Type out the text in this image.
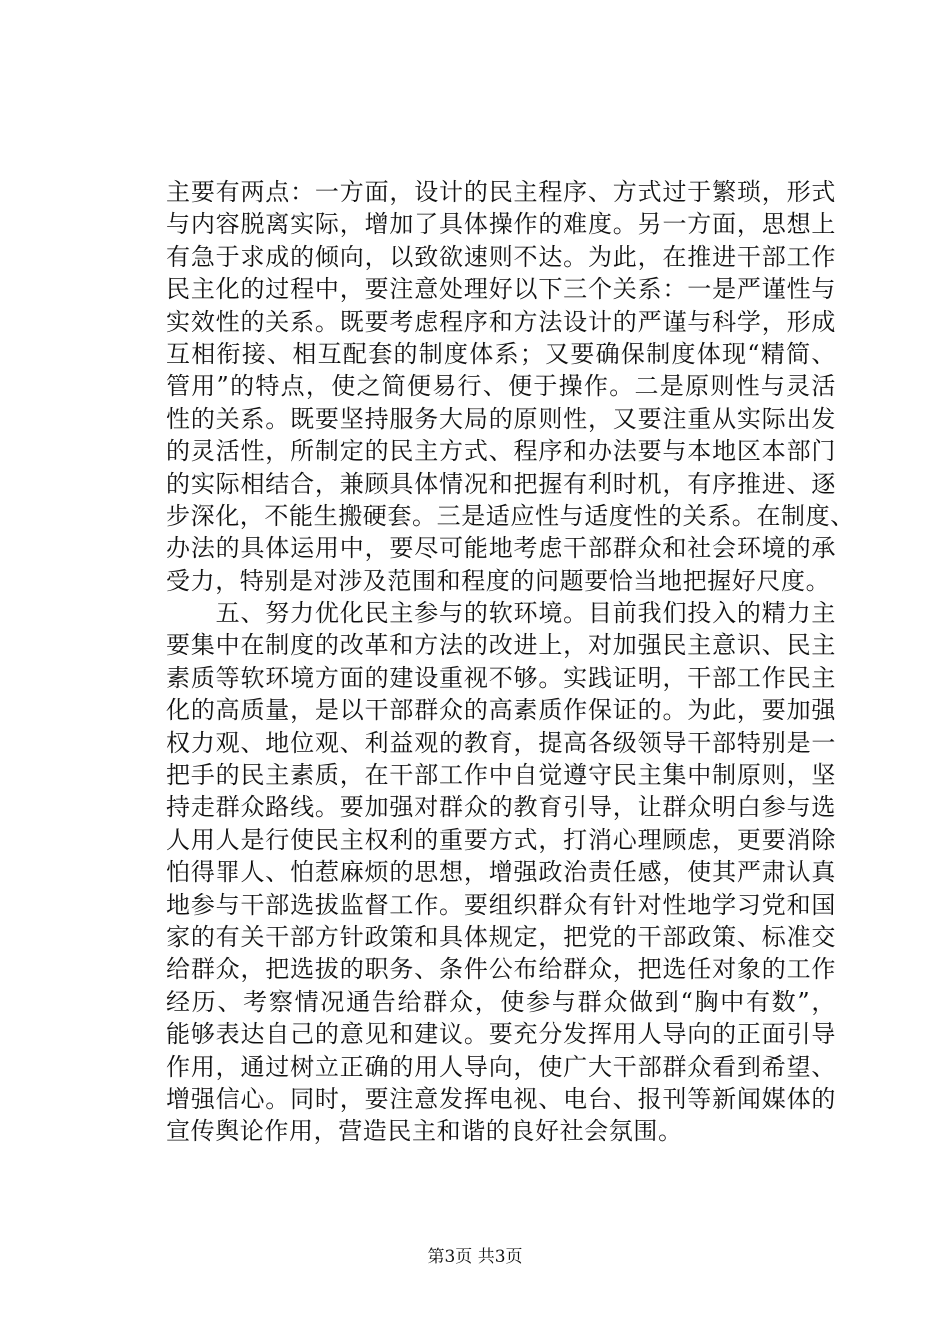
主要有两点：一方面，设计的民主程序、方式过于繁琐，形式
与内容脱离实际，增加了具体操作的难度。另一方面，思想上
有急于求成的倾向，以致欲速则不达。为此，在推进干部工作
民主化的过程中，要注意处理好以下三个关系：一是严谨性与
实效性的关系。既要考虑程序和方法设计的严谨与科学，形成
互相衔接、相互配套的制度体系；又要确保制度体现“精简、
管用”的特点，使之简便易行、便于操作。二是原则性与灵活
性的关系。既要坚持服务大局的原则性，又要注重从实际出发
的灵活性，所制定的民主方式、程序和办法要与本地区本部门
的实际相结合，兼顾具体情况和把握有利时机，有序推进、逐
步深化，不能生搬硬套。三是适应性与适度性的关系。在制度、
办法的具体运用中，要尽可能地考虑干部群众和社会环境的承
受力，特别是对涉及范围和程度的问题要恰当地把握好尺度。
　　五、努力优化民主参与的软环境。目前我们投入的精力主
要集中在制度的改革和方法的改进上，对加强民主意识、民主
素质等软环境方面的建设重视不够。实践证明，干部工作民主
化的高质量，是以干部群众的高素质作保证的。为此，要加强
权力观、地位观、利益观的教育，提高各级领导干部特别是一
把手的民主素质，在干部工作中自觉遵守民主集中制原则，坚
持走群众路线。要加强对群众的教育引导，让群众明白参与选
人用人是行使民主权利的重要方式，打消心理顾虑，更要消除
怕得罪人、怕惹麻烦的思想，增强政治责任感，使其严肃认真
地参与干部选拔监督工作。要组织群众有针对性地学习党和国
家的有关干部方针政策和具体规定，把党的干部政策、标准交
给群众，把选拔的职务、条件公布给群众，把选任对象的工作
经历、考察情况通告给群众，使参与群众做到“胸中有数”，
能够表达自己的意见和建议。要充分发挥用人导向的正面引导
作用，通过树立正确的用人导向，使广大干部群众看到希望、
增强信心。同时，要注意发挥电视、电台、报刊等新闻媒体的
宣传舆论作用，营造民主和谐的良好社会氛围。
第3页 共3页
